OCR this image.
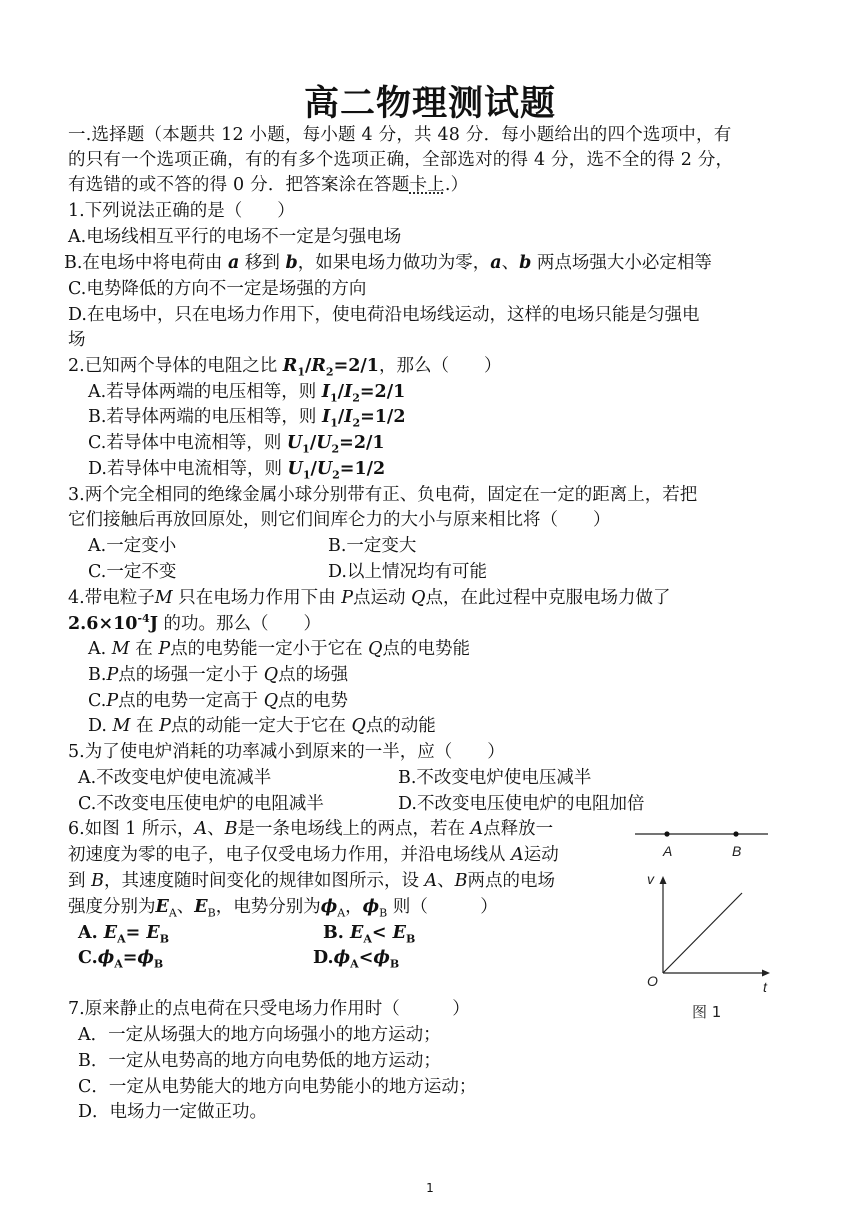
高二物理测试题
一.选择题（本题共 12 小题，每小题 4 分，共 48 分．每小题给出的四个选项中，有
的只有一个选项正确，有的有多个选项正确，全部选对的得 4 分，选不全的得 2 分，
有选错的或不答的得 0 分．把答案涂在答题卡上.）
1.下列说法正确的是（　　）
A.电场线相互平行的电场不一定是匀强电场
B.在电场中将电荷由 a 移到 b，如果电场力做功为零，a、b 两点场强大小必定相等
C.电势降低的方向不一定是场强的方向
D.在电场中，只在电场力作用下，使电荷沿电场线运动，这样的电场只能是匀强电
场
2.已知两个导体的电阻之比 $R_1/R_2=2/1$，那么（　　）
A.若导体两端的电压相等，则 $I_1/I_2=2/1$
B.若导体两端的电压相等，则 $I_1/I_2=1/2$
C.若导体中电流相等，则 $U_1/U_2=2/1$
D.若导体中电流相等，则 $U_1/U_2=1/2$
3.两个完全相同的绝缘金属小球分别带有正、负电荷，固定在一定的距离上，若把
它们接触后再放回原处，则它们间库仑力的大小与原来相比将（　　）
A.一定变小	B.一定变大
C.一定不变	D.以上情况均有可能
4.带电粒子M 只在电场力作用下由 P点运动 Q点，在此过程中克服电场力做了
$2.6\times 10^{-4}J$ 的功。那么（　　）
A. M 在 P点的电势能一定小于它在 Q点的电势能
B.P点的场强一定小于 Q点的场强
C.P点的电势一定高于 Q点的电势
D. M 在 P点的动能一定大于它在 Q点的动能
5.为了使电炉消耗的功率减小到原来的一半，应（　　）
A.不改变电炉使电流减半	B.不改变电炉使电压减半
C.不改变电压使电炉的电阻减半	D.不改变电压使电炉的电阻加倍
6.如图 1 所示，A、B是一条电场线上的两点，若在 A点释放一
初速度为零的电子，电子仅受电场力作用，并沿电场线从 A运动
到 B，其速度随时间变化的规律如图所示，设 A、B两点的电场
强度分别为$E_A$、$E_B$，电势分别为$\phi_A$，$\phi_B$ 则（　　　）
A. $E_A= E_B$	B. $E_A< E_B$
$C.\phi_A=\phi_B$	$D.\phi_A<\phi_B$
A	B
v
t
O
图 1
7.原来静止的点电荷在只受电场力作用时（　　　）
A．一定从场强大的地方向场强小的地方运动；
B．一定从电势高的地方向电势低的地方运动；
C．一定从电势能大的地方向电势能小的地方运动；
D．电场力一定做正功。
1
